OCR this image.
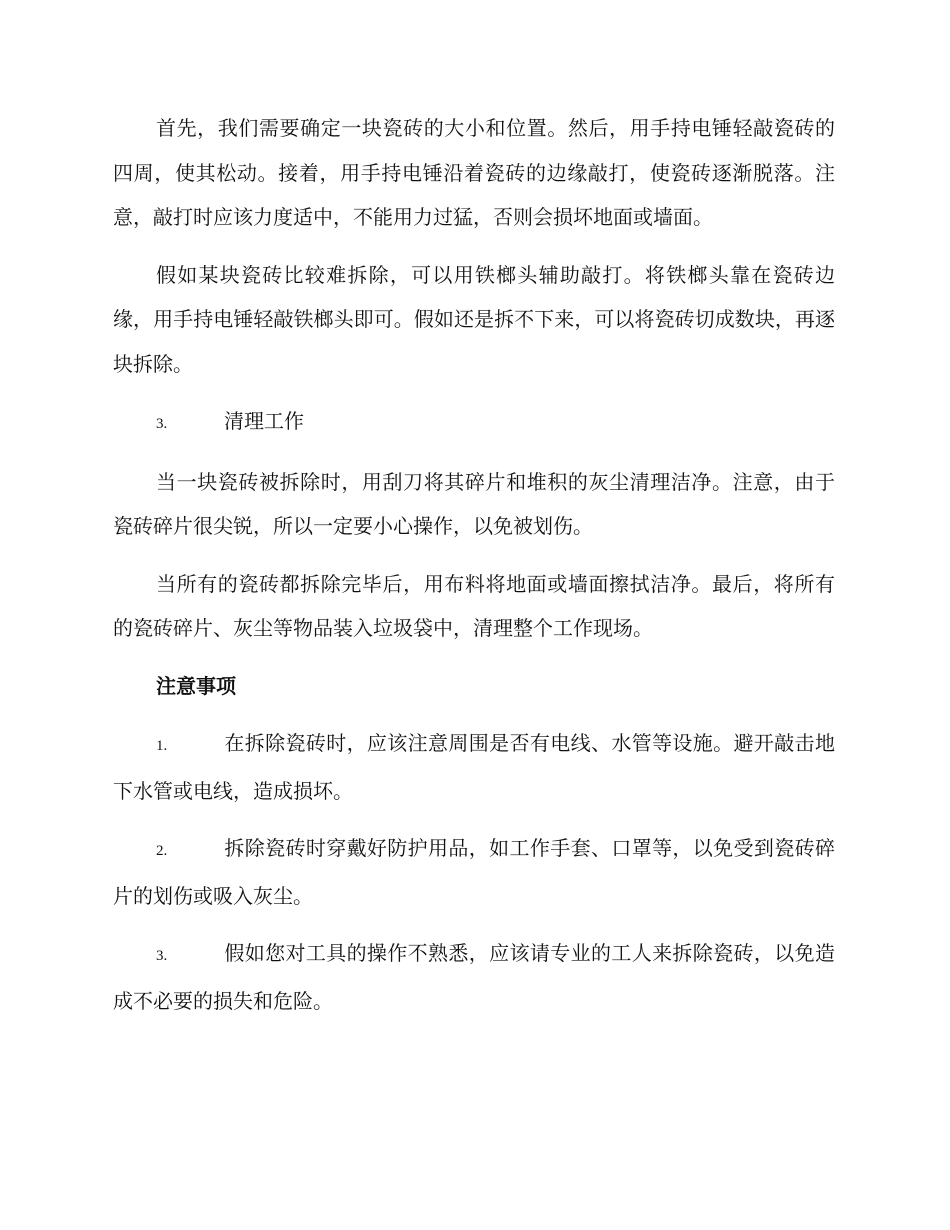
首先，我们需要确定一块瓷砖的大小和位置。然后，用手持电锤轻敲瓷砖的四周，使其松动。接着，用手持电锤沿着瓷砖的边缘敲打，使瓷砖逐渐脱落。注意，敲打时应该力度适中，不能用力过猛，否则会损坏地面或墙面。

假如某块瓷砖比较难拆除，可以用铁榔头辅助敲打。将铁榔头靠在瓷砖边缘，用手持电锤轻敲铁榔头即可。假如还是拆不下来，可以将瓷砖切成数块，再逐块拆除。

3.	清理工作

当一块瓷砖被拆除时，用刮刀将其碎片和堆积的灰尘清理洁净。注意，由于瓷砖碎片很尖锐，所以一定要小心操作，以免被划伤。

当所有的瓷砖都拆除完毕后，用布料将地面或墙面擦拭洁净。最后，将所有的瓷砖碎片、灰尘等物品装入垃圾袋中，清理整个工作现场。

注意事项

1.	在拆除瓷砖时，应该注意周围是否有电线、水管等设施。避开敲击地下水管或电线，造成损坏。

2.	拆除瓷砖时穿戴好防护用品，如工作手套、口罩等，以免受到瓷砖碎片的划伤或吸入灰尘。

3.	假如您对工具的操作不熟悉，应该请专业的工人来拆除瓷砖，以免造成不必要的损失和危险。
